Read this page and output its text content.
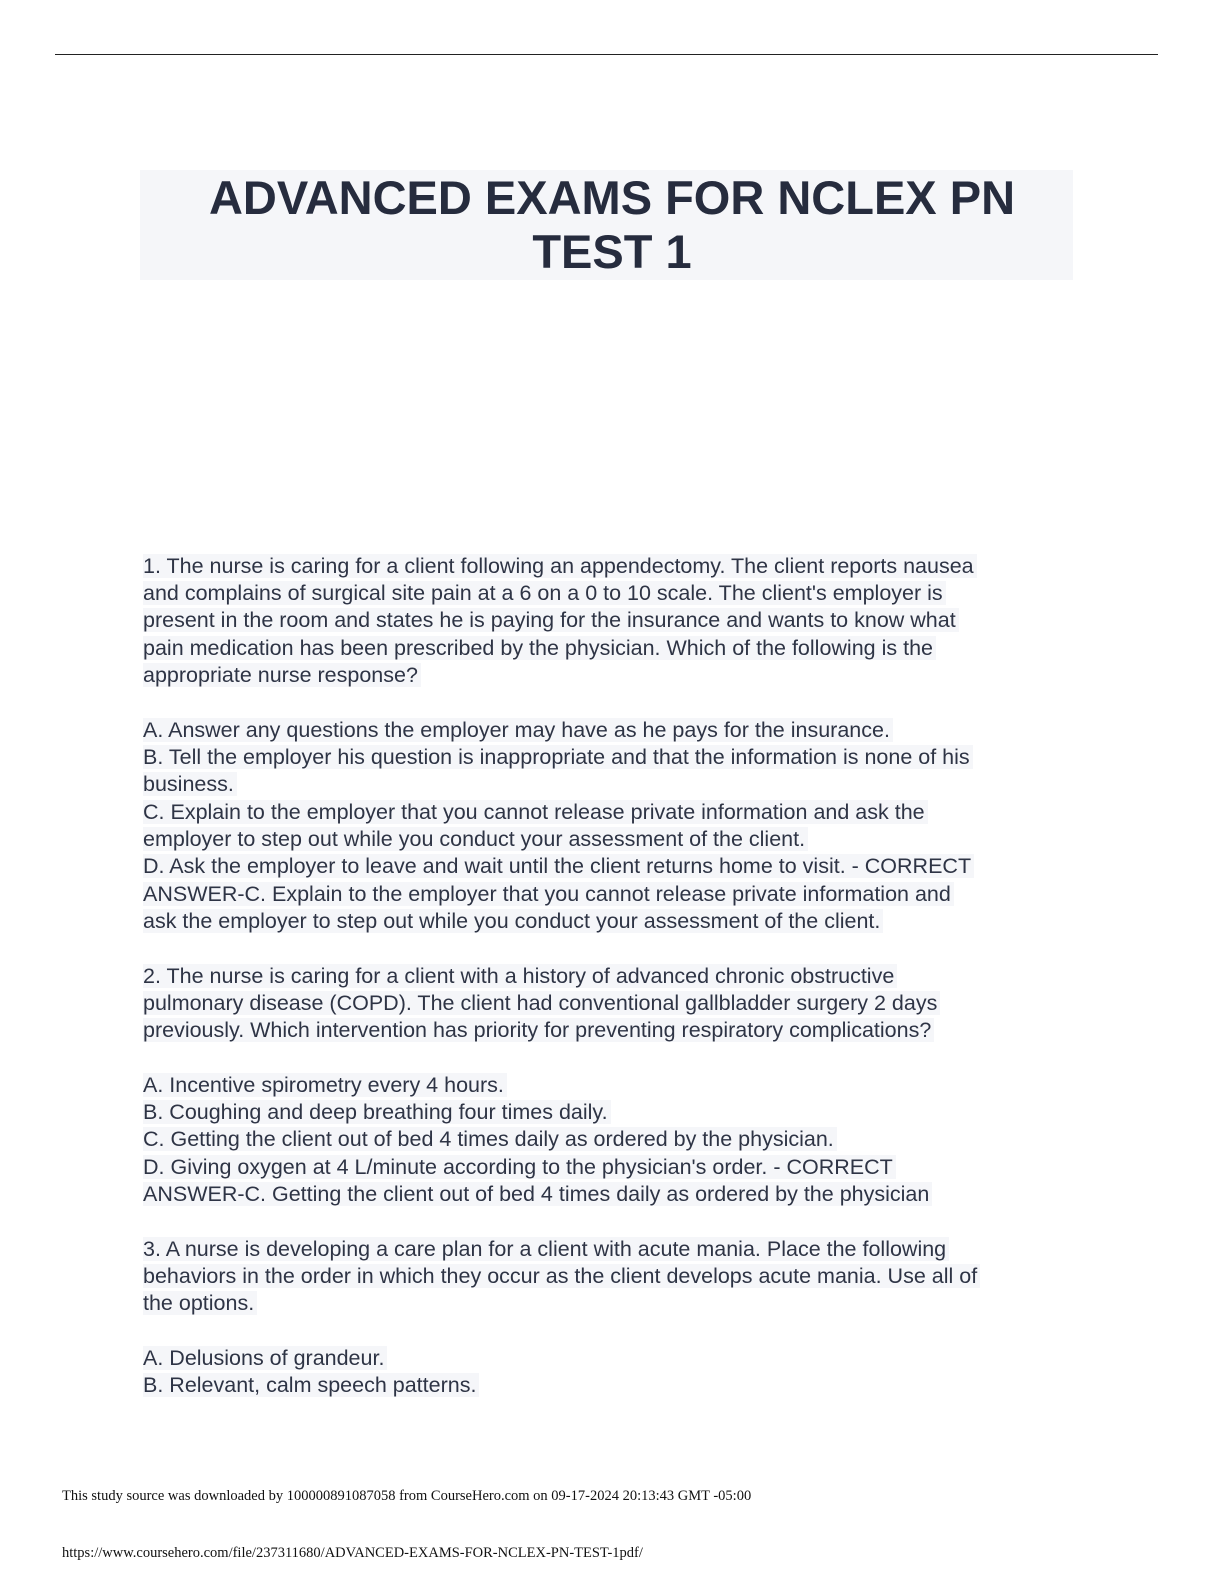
ADVANCED EXAMS FOR NCLEX PN
TEST 1
1. The nurse is caring for a client following an appendectomy. The client reports nausea
and complains of surgical site pain at a 6 on a 0 to 10 scale. The client's employer is
present in the room and states he is paying for the insurance and wants to know what
pain medication has been prescribed by the physician. Which of the following is the
appropriate nurse response?
A. Answer any questions the employer may have as he pays for the insurance.
B. Tell the employer his question is inappropriate and that the information is none of his
business.
C. Explain to the employer that you cannot release private information and ask the
employer to step out while you conduct your assessment of the client.
D. Ask the employer to leave and wait until the client returns home to visit. - CORRECT
ANSWER-C. Explain to the employer that you cannot release private information and
ask the employer to step out while you conduct your assessment of the client.
2. The nurse is caring for a client with a history of advanced chronic obstructive
pulmonary disease (COPD). The client had conventional gallbladder surgery 2 days
previously. Which intervention has priority for preventing respiratory complications?
A. Incentive spirometry every 4 hours.
B. Coughing and deep breathing four times daily.
C. Getting the client out of bed 4 times daily as ordered by the physician.
D. Giving oxygen at 4 L/minute according to the physician's order. - CORRECT
ANSWER-C. Getting the client out of bed 4 times daily as ordered by the physician
3. A nurse is developing a care plan for a client with acute mania. Place the following
behaviors in the order in which they occur as the client develops acute mania. Use all of
the options.
A. Delusions of grandeur.
B. Relevant, calm speech patterns.
This study source was downloaded by 100000891087058 from CourseHero.com on 09-17-2024 20:13:43 GMT -05:00
https://www.coursehero.com/file/237311680/ADVANCED-EXAMS-FOR-NCLEX-PN-TEST-1pdf/
